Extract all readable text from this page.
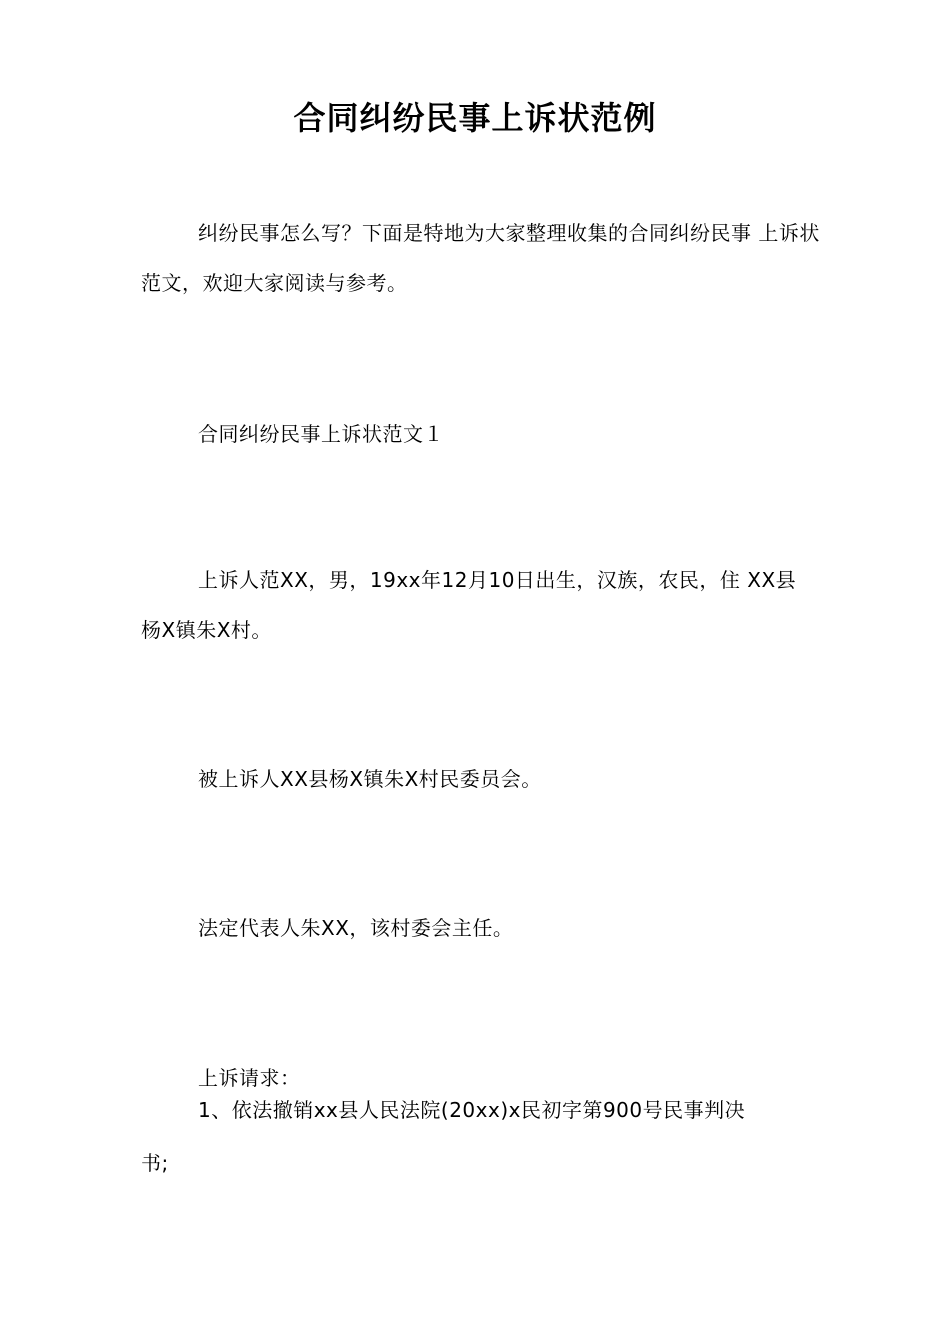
合同纠纷民事上诉状范例
纠纷民事怎么写？下面是特地为大家整理收集的合同纠纷民事 上诉状
范文，欢迎大家阅读与参考。
合同纠纷民事上诉状范文１
上诉人范XX，男，19xx年12月10日出生，汉族，农民，住 XX县
杨X镇朱X村。
被上诉人XX县杨X镇朱X村民委员会。
法定代表人朱XX，该村委会主任。
上诉请求：
1、依法撤销xx县人民法院(20xx)x民初字第900号民事判决
书;
